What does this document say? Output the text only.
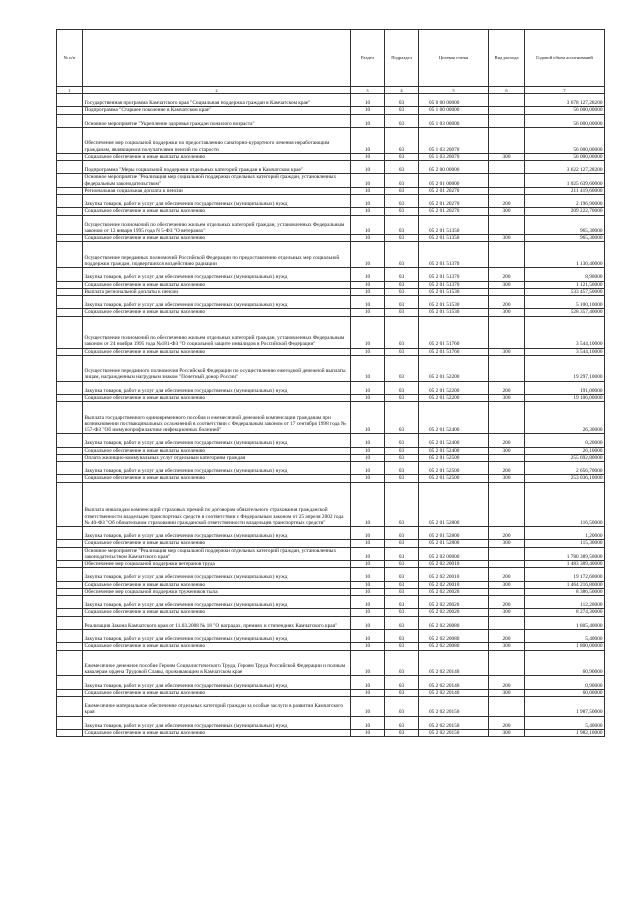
№ п/п		Раздел	Подраздел	Целевая статья	Вид расхода	Годовой объем ассигнований
1	2	3	4	5	6	7
	Государственная программа Камчатского края "Социальная поддержка граждан в Камчатском крае"	10	03	05 0 00 00000		3 678 127,28200
	Подпрограмма "Старшее поколение в Камчатском крае"	10	03	05 1 00 00000		56 000,00000
	Основное мероприятие "Укрепление здоровья граждан пожилого возраста"	10	03	05 1 03 00000		56 000,00000
	Обеспечение мер социальной поддержки по предоставлению санаторно-курортного лечения неработающим гражданам, являющимся получателями пенсий по старости	10	03	05 1 03 20070		56 000,00000
	Социальное обеспечение и иные выплаты населению	10	03	05 1 03 20070	300	56 000,00000
	Подпрограмма "Меры социальной поддержки отдельных категорий граждан в Камчатском крае"	10	03	05 2 00 00000		3 622 127,28200
	Основное мероприятие "Реализация мер социальной поддержки отдельных категорий граждан, установленных федеральным законодательством"	10	03	05 2 01 00000		1 025 639,60000
	Региональная социальная доплата к пенсии	10	03	05 2 01 20270		211 419,60000
	Закупка товаров, работ и услуг для обеспечения государственных (муниципальных) нужд	10	03	05 2 01 20270	200	2 196,90000
	Социальное обеспечение и иные выплаты населению	10	03	05 2 01 20270	300	209 222,70000
	Осуществление полномочий по обеспечению жильем отдельных категорий граждан, установленных Федеральным законом от 12 января 1995 года N 5-ФЗ "О ветеранах"	10	03	05 2 01 51350		965,30000
	Социальное обеспечение и иные выплаты населению	10	03	05 2 01 51350	300	965,30000
	Осуществление переданных полномочий Российской Федерации по предоставлению отдельных мер социальной поддержки граждан, подвергшихся воздействию радиации	10	03	05 2 01 51370		1 130,40000
	Закупка товаров, работ и услуг для обеспечения государственных (муниципальных) нужд	10	03	05 2 01 51370	200	8,90000
	Социальное обеспечение и иные выплаты населению	10	03	05 2 01 51370	300	1 121,50000
	Выплата региональной доплаты к пенсии	10	03	05 2 01 51530		533 457,50000
	Закупка товаров, работ и услуг для обеспечения государственных (муниципальных) нужд	10	03	05 2 01 51530	200	5 100,10000
	Социальное обеспечение и иные выплаты населению	10	03	05 2 01 51530	300	528 357,40000
	Осуществление полномочий по обеспечению жильем отдельных категорий граждан, установленных Федеральным законом от 24 ноября 1995 года №181-ФЗ "О социальной защите инвалидов в Российской Федерации"	10	03	05 2 01 51760		3 544,10000
	Социальное обеспечение и иные выплаты населению	10	03	05 2 01 51760	300	3 544,10000
	Осуществление переданного полномочия Российской Федерации по осуществлению ежегодной денежной выплаты лицам, награжденным нагрудным знаком "Почетный донор России"	10	03	05 2 01 52200		19 297,10000
	Закупка товаров, работ и услуг для обеспечения государственных (муниципальных) нужд	10	03	05 2 01 52200	200	191,00000
	Социальное обеспечение и иные выплаты населению	10	03	05 2 01 52200	300	19 106,00000
	Выплата государственного единовременного пособия и ежемесячной денежной компенсации гражданам при возникновении поствакцинальных осложнений в соответствии с Федеральным законом от 17 сентября 1998 года № 157-ФЗ "Об иммунопрофилактике инфекционных болезней"	10	03	05 2 01 52400		26,30000
	Закупка товаров, работ и услуг для обеспечения государственных (муниципальных) нужд	10	03	05 2 01 52400	200	0,20000
	Социальное обеспечение и иные выплаты населению	10	03	05 2 01 52400	300	26,10000
	Оплата жилищно-коммунальных услуг отдельным категориям граждан	10	03	05 2 01 52500		255 692,80000
	Закупка товаров, работ и услуг для обеспечения государственных (муниципальных) нужд	10	03	05 2 01 52500	200	2 656,70000
	Социальное обеспечение и иные выплаты населению	10	03	05 2 01 52500	300	253 036,10000
	Выплата инвалидам компенсаций страховых премий по договорам обязательного страхования гражданской ответственности владельцев транспортных средств в соответствии с Федеральным законом от 25 апреля 2002 года № 40-ФЗ "Об обязательном страховании гражданской ответственности владельцев транспортных средств"	10	03	05 2 01 52800		116,50000
	Закупка товаров, работ и услуг для обеспечения государственных (муниципальных) нужд	10	03	05 2 01 52800	200	1,20000
	Социальное обеспечение и иные выплаты населению	10	03	05 2 01 52800	300	115,30000
	Основное мероприятие "Реализация мер социальной поддержки отдельных категорий граждан, установленных законодательством Камчатского края"	10	03	05 2 02 00000		1 780 389,50000
	Обеспечение мер социальной поддержки ветеранов труда	10	03	05 2 02 20010		1 483 389,40000
	Закупка товаров, работ и услуг для обеспечения государственных (муниципальных) нужд	10	03	05 2 02 20010	200	19 172,60000
	Социальное обеспечение и иные выплаты населению	10	03	05 2 02 20010	300	1 464 216,80000
	Обеспечение мер социальной поддержки тружеников тыла	10	03	05 2 02 20020		8 386,50000
	Закупка товаров, работ и услуг для обеспечения государственных (муниципальных) нужд	10	03	05 2 02 20020	200	112,20000
	Социальное обеспечение и иные выплаты населению	10	03	05 2 02 20020	300	8 274,30000
	Реализация Закона Камчатского края от 11.03.2008 № 18 "О наградах, премиях и стипендиях Камчатского края"	10	03	05 2 02 20080		1 805,40000
	Закупка товаров, работ и услуг для обеспечения государственных (муниципальных) нужд	10	03	05 2 02 20080	200	5,40000
	Социальное обеспечение и иные выплаты населению	10	03	05 2 02 20080	300	1 800,00000
	Ежемесячное денежное пособие Героям Социалистического Труда, Героям Труда Российской Федерации и полным кавалерам ордена Трудовой Славы, проживающим в Камчатском крае	10	03	05 2 02 20140		60,90000
	Закупка товаров, работ и услуг для обеспечения государственных (муниципальных) нужд	10	03	05 2 02 20140	200	0,90000
	Социальное обеспечение и иные выплаты населению	10	03	05 2 02 20140	300	60,00000
	Ежемесячное материальное обеспечение отдельных категорий граждан за особые заслуги в развитии Камчатского края	10	03	05 2 02 20150		1 987,50000
	Закупка товаров, работ и услуг для обеспечения государственных (муниципальных) нужд	10	03	05 2 02 20150	200	5,40000
	Социальное обеспечение и иные выплаты населению	10	03	05 2 02 20150	300	1 982,10000
